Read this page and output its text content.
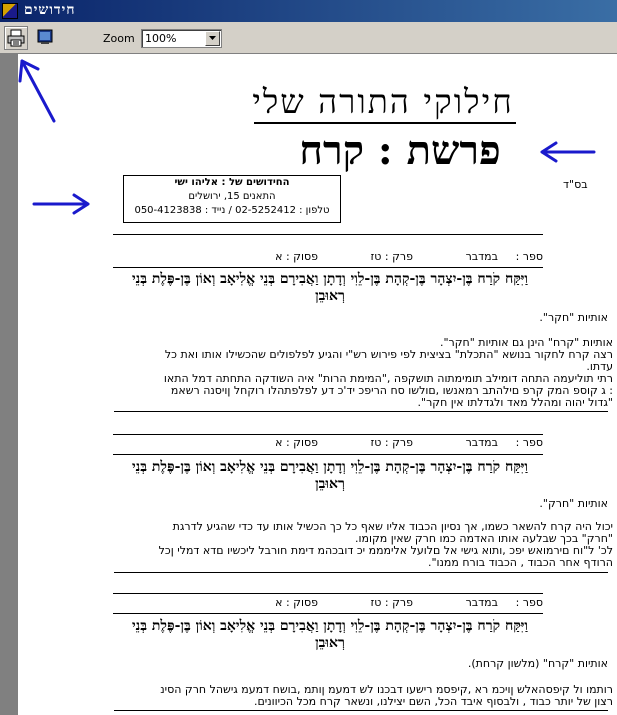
חידושים
Zoom 100%
חילוקי התורה שלי
פרשת : קרח
בס"ד
החידושים של : אליהו ישי
התאנים 15, ירושלים
טלפון : 02-5252412 / נייד : 050-4123838
ספר :
במדבר
פרק : טז
פסוק : א
וַיִּקַּח קֹרַח בֶּן-יִצְהָר בֶּן-קְהָת בֶּן-לֵוִי וְדָתָן וַאֲבִירָם בְּנֵי אֱלִיאָב וְאוֹן בֶּן-פֶּלֶת בְּנֵי רְאוּבֵן
אותיות "חקר".
אותיות "קרח" הינן גם אותיות "חקר".
רצה קרח לחקור בנושא "התכלת" בציצית לפי פירוש רש"י והגיע לפלפולים שהכשילו אותו ואת כל
עדתו.
רתי תוליעמה התחה דומילב תומימתוה תושקפה ,"המימת הרות" איה השודקה התחתה דמל התאו
: ג קוספ המק קרפ םילהתב רמאנשו ,םולשו סח הריפכ יד'כ דע לפלפתהלו רוקחל ןויסנה רשאמ
"גדול יהוה ומהלל מאד ולגדלתו אין חקר".
ספר :
במדבר
פרק : טז
פסוק : א
וַיִּקַּח קֹרַח בֶּן-יִצְהָר בֶּן-קְהָת בֶּן-לֵוִי וְדָתָן וַאֲבִירָם בְּנֵי אֱלִיאָב וְאוֹן בֶּן-פֶּלֶת בְּנֵי רְאוּבֵן
אותיות "חרק".
יכול היה קרח להשאר כשמו, אך נסיון הכבוד אליו שאף כל כך הכשיל אותו עד כדי שהגיע לדרגת
"חרק" בכך שבלעה אותו האדמה כמו חרק שאין מקומו.
לכ' ל"וח םירמואש יפכ ,ותוא גישי אל םלועל אלימממ יכ דובכהמ דימת חורבל ליכשיו םדא דמלי ןכל
הרודף אחר הכבוד , הכבוד בורח ממנו".
ספר :
במדבר
פרק : טז
פסוק : א
וַיִּקַּח קֹרַח בֶּן-יִצְהָר בֶּן-קְהָת בֶּן-לֵוִי וְדָתָן וַאֲבִירָם בְּנֵי אֱלִיאָב וְאוֹן בֶּן-פֶּלֶת בְּנֵי רְאוּבֵן
אותיות "קרח" (מלשון קרחת).
רותמו ול קיפסהאלש ןויכמ רא ,קיפסמ רישעו דבכנו לש דמעמ ןותמ ,בושח דמעמ גישהל חרק הסינ
רצון של יותר כבוד , ולבסוף איבד הכל, השם יצילנו, ונשאר קרח מכל הכיוונים.
